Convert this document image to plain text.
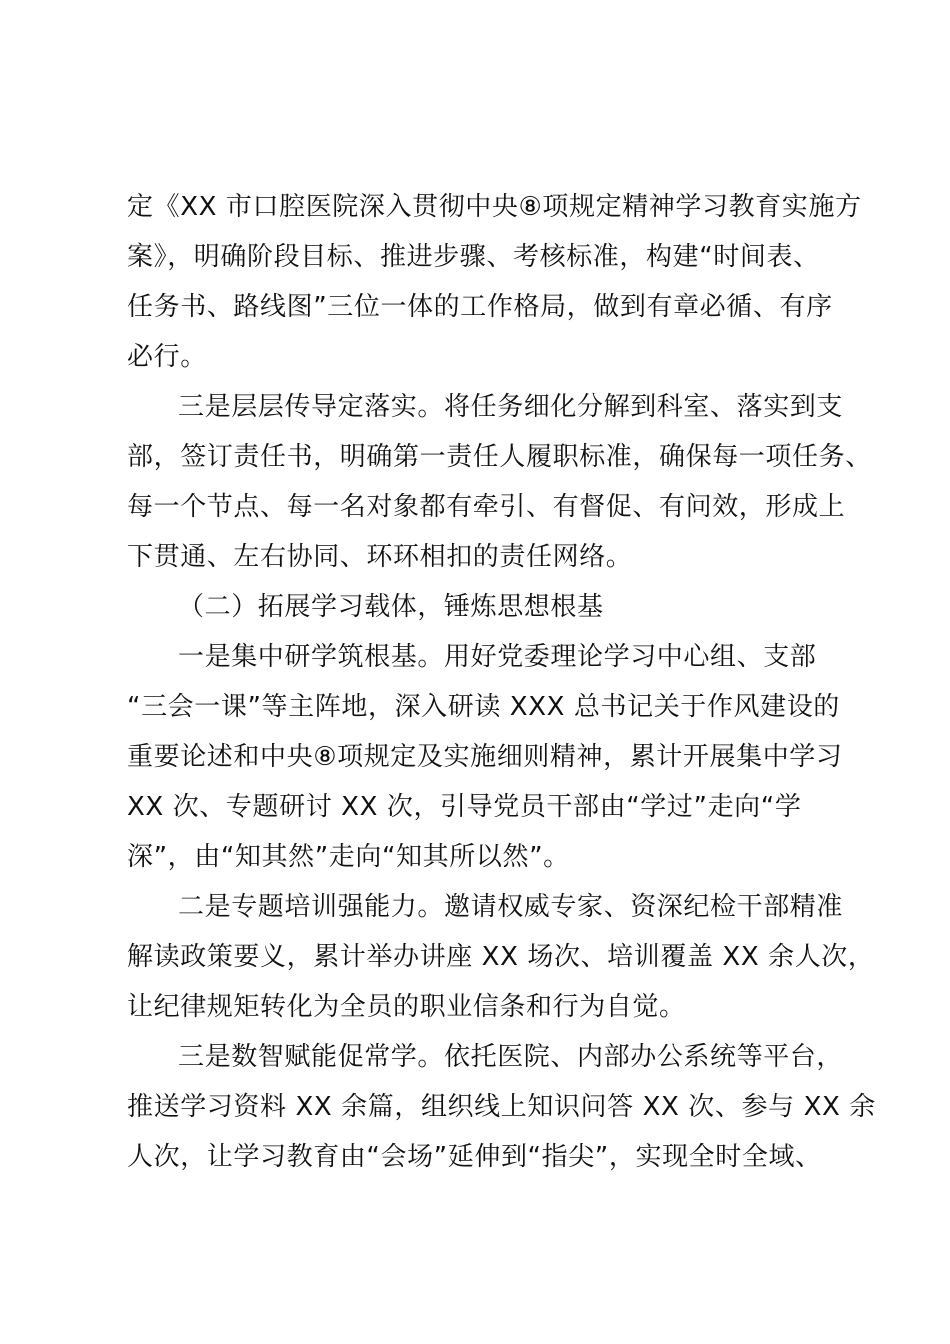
定《XX 市口腔医院深入贯彻中央⑧项规定精神学习教育实施方
案》，明确阶段目标、推进步骤、考核标准，构建“时间表、
任务书、路线图”三位一体的工作格局，做到有章必循、有序
必行。
三是层层传导定落实。将任务细化分解到科室、落实到支
部，签订责任书，明确第一责任人履职标准，确保每一项任务、
每一个节点、每一名对象都有牵引、有督促、有问效，形成上
下贯通、左右协同、环环相扣的责任网络。
（二）拓展学习载体，锤炼思想根基
一是集中研学筑根基。用好党委理论学习中心组、支部
“三会一课”等主阵地，深入研读 XXX 总书记关于作风建设的
重要论述和中央⑧项规定及实施细则精神，累计开展集中学习
XX 次、专题研讨 XX 次，引导党员干部由“学过”走向“学
深”，由“知其然”走向“知其所以然”。
二是专题培训强能力。邀请权威专家、资深纪检干部精准
解读政策要义，累计举办讲座 XX 场次、培训覆盖 XX 余人次，
让纪律规矩转化为全员的职业信条和行为自觉。
三是数智赋能促常学。依托医院、内部办公系统等平台，
推送学习资料 XX 余篇，组织线上知识问答 XX 次、参与 XX 余
人次，让学习教育由“会场”延伸到“指尖”，实现全时全域、
